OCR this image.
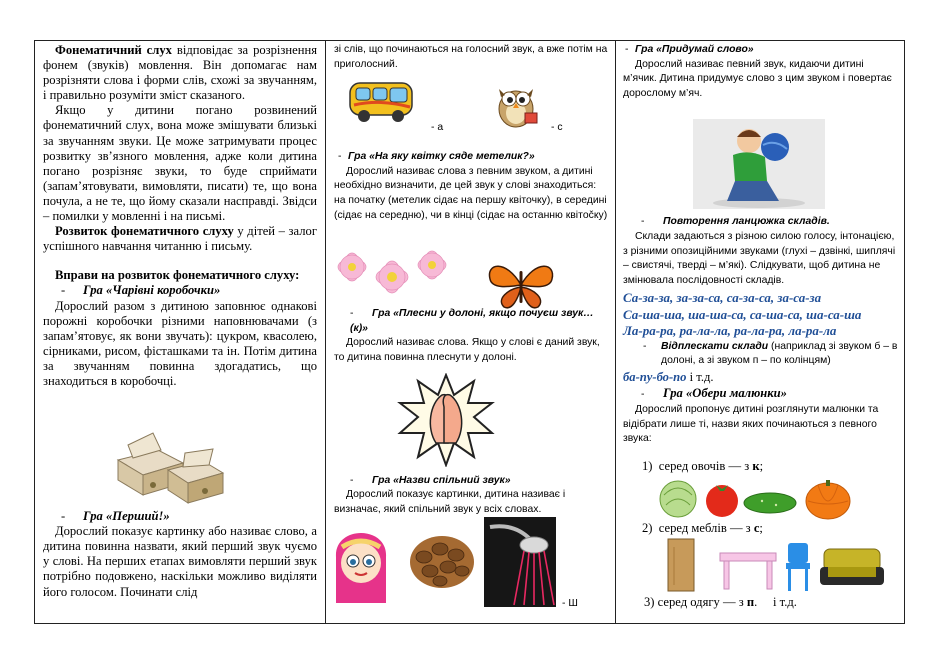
Фонематичний слух відповідає за розрізнення фонем (звуків) мовлення. Він допомагає нам розрізняти слова і форми слів, схожі за звучанням, і правильно розуміти зміст сказаного.

Якщо у дитини погано розвинений фонематичний слух, вона може змішувати близькі за звучанням звуки. Це може затримувати процес розвитку зв’язного мовлення, адже коли дитина погано розрізняє звуки, то буде сприймати (запам’ятовувати, вимовляти, писати) те, що вона почула, а не те, що йому сказали насправді. Звідси – помилки у мовленні і на письмі.

Розвиток фонематичного слуху у дітей – залог успішного навчання читанню і письму.

Вправи на розвиток фонематичного слуху:

- Гра «Чарівні коробочки»

Дорослий разом з дитиною заповнює однакові порожні коробочки різними наповнювачами (з запам’ятовує, як вони звучать): цукром, квасолею, сірниками, рисом, фісташками та ін. Потім дитина за звучанням повинна здогадатись, що знаходиться в коробочці.

- Гра «Перший!»

Дорослий показує картинку або називає слово, а дитина повинна назвати, який перший звук чуємо у слові. На перших етапах вимовляти перший звук потрібно подовжено, наскільки можливо виділяти його голосом. Починати слід

зі слів, що починаються на голосний звук, а вже потім на приголосний.

- а	- с

- Гра «На яку квітку сяде метелик?»

Дорослий називає слова з певним звуком, а дитині необхідно визначити, де цей звук у слові знаходиться: на початку (метелик сідає на першу квіточку), в середині (сідає на середню), чи в кінці (сідає на останню квітočку)

- Гра «Плесни у долоні, якщо почуєш звук… (к)»

Дорослий називає слова. Якщо у слові є даний звук, то дитина повинна плеснути у долоні.

- Гра «Назви спільний звук»

Дорослий показує картинки, дитина називає і визначає, який спільний звук у всіх словах.

- Ш

- Гра «Придумай слово»

Дорослий називає певний звук, кидаючи дитині м’ячик. Дитина придумує слово з цим звуком і повертає дорослому м’яч.

- Повторення ланцюжка складів.

Склади задаються з різною силою голосу, інтонацією, з різними опозиційними звуками (глухі – дзвінкі, шиплячі – свистячі, тверді – м’які). Слідкувати, щоб дитина не змінювала послідовності складів.

Са-за-за, за-за-са, са-за-са, за-са-за

Са-ша-ша, ша-ша-са, са-ша-са, ша-са-ша

Ла-ра-ра, ра-ла-ла, ра-ла-ра, ла-ра-ла

- Відплескати склади (наприклад зі звуком б – в долоні, а зі звуком п – по колінцям)

ба-пу-бо-по і т.д.

- Гра «Обери малюнки»

Дорослий пропонує дитині розглянути малюнки та відібрати лише ті, назви яких починаються з певного звука:

1) серед овочів — з к;
2) серед меблів — з с;
3) серед одягу — з п.     і т.д.
